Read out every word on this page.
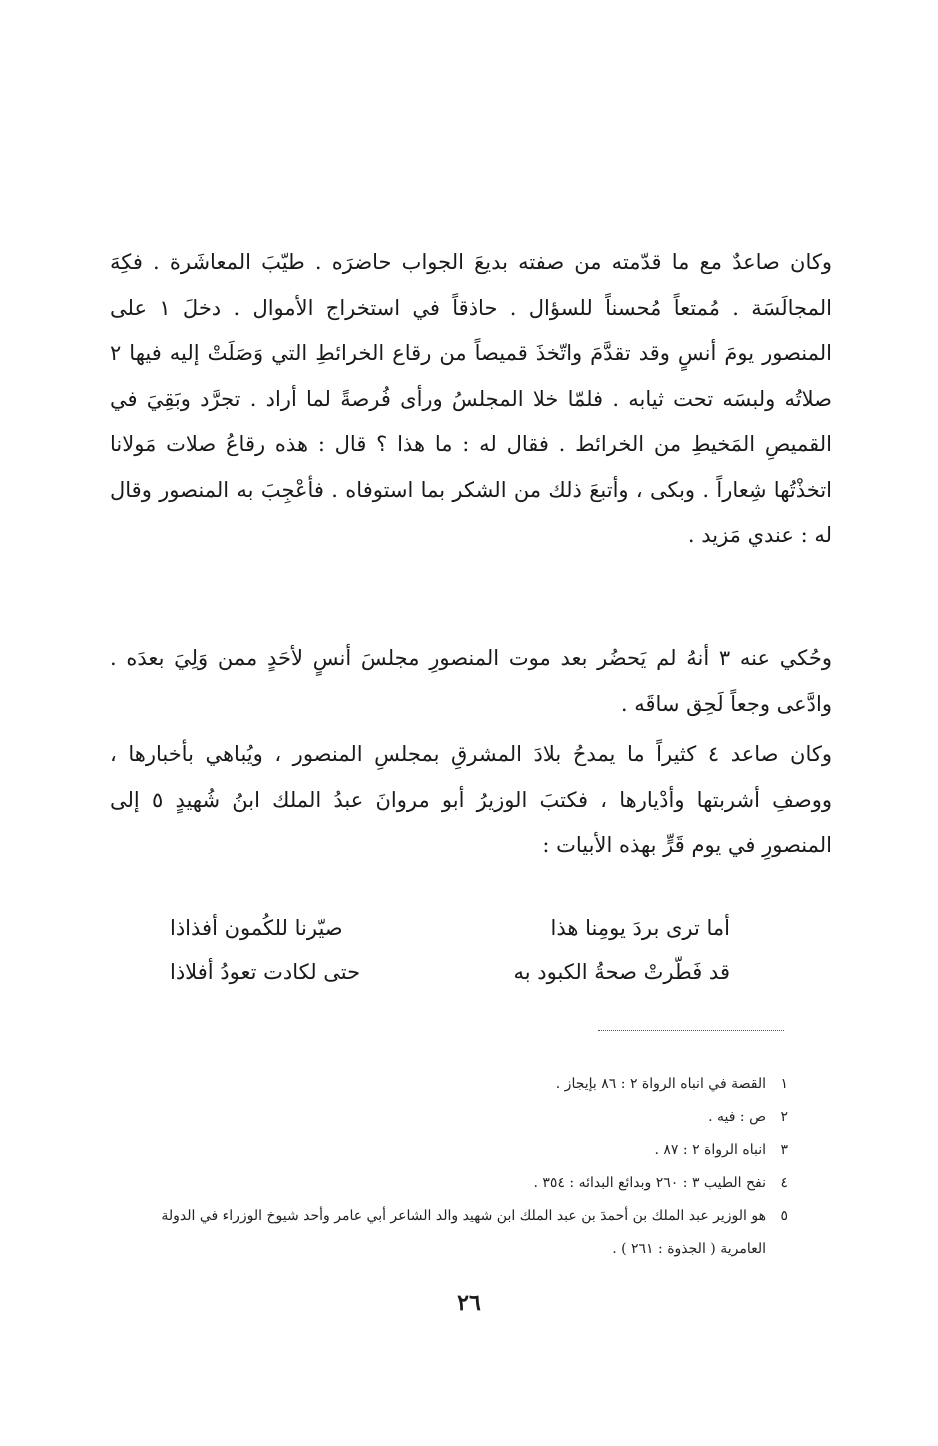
وكان صاعدٌ مع ما قدّمته من صفته بديعَ الجواب حاضرَه . طيّبَ المعاشَرة . فكِهَ المجالَسَة . مُمتعاً مُحسناً للسؤال . حاذقاً في استخراج الأموال . دخلَ ١ على المنصور يومَ أنسٍ وقد تقدَّمَ واتّخذَ قميصاً من رقاع الخرائطِ التي وَصَلَتْ إليه فيها ٢ صلاتُه ولبسَه تحت ثيابه . فلمّا خلا المجلسُ ورأى فُرصةً لما أراد . تجرَّد وبَقِيَ في القميصِ المَخيطِ من الخرائط . فقال له : ما هذا ؟ قال : هذه رقاعُ صلات مَولانا اتخذْتُها شِعاراً . وبكى ، وأتبعَ ذلك من الشكر بما استوفاه . فأعْجِبَ به المنصور وقال له : عندي مَزيد .

وحُكي عنه ٣ أنهُ لم يَحضُر بعد موت المنصورِ مجلسَ أنسٍ لأحَدٍ ممن وَلِيَ بعدَه . وادَّعى وجعاً لَحِق ساقَه .

وكان صاعد ٤ كثيراً ما يمدحُ بلادَ المشرقِ بمجلسِ المنصور ، ويُباهي بأخبارها ، ووصفِ أشربتها وأدْيارها ، فكتبَ الوزيرُ أبو مروانَ عبدُ الملك ابنُ شُهيدٍ ٥ إلى المنصورِ في يوم قَرٍّ بهذه الأبيات :

أما ترى بردَ يومِنا هذا
صيّرنا للكُمون أفذاذا
قد فَطّرتْ صحةُ الكبود به
حتى لكادت تعودُ أفلاذا
١
القصة في انباه الرواة ٢ : ٨٦ بإيجاز .
٢
ص : فيه .
٣
انباه الرواة ٢ : ٨٧ .
٤
نفح الطيب ٣ : ٢٦٠ وبدائع البدائه : ٣٥٤ .
٥
هو الوزير عبد الملك بن أحمدَ بن عبد الملك ابن شهيد والد الشاعر أبي عامر وأحد شيوخ الوزراء في الدولة العامرية ( الجذوة : ٢٦١ ) .
٢٦
